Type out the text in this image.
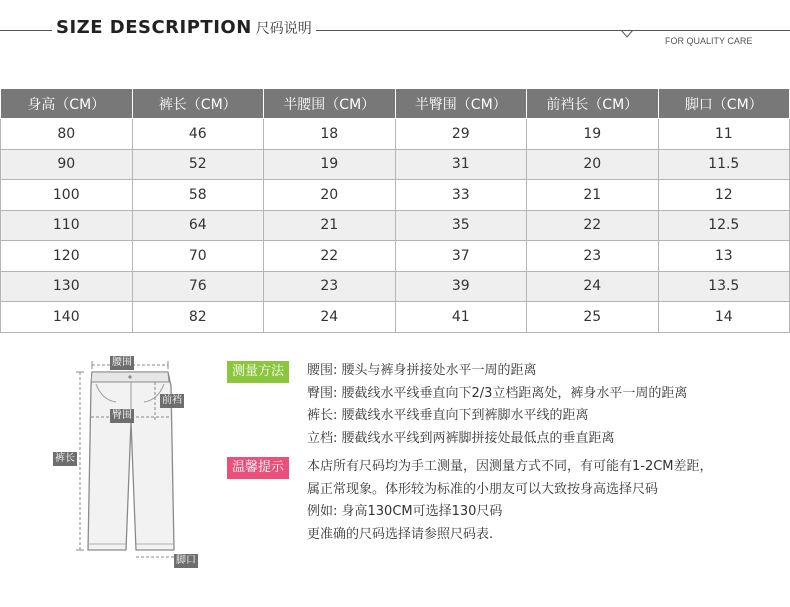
SIZE DESCRIPTION 尺码说明
FOR QUALITY CARE
身高（CM）	裤长（CM）	半腰围（CM）	半臀围（CM）	前裆长（CM）	脚口（CM）
80	46	18	29	19	11
90	52	19	31	20	11.5
100	58	20	33	21	12
110	64	21	35	22	12.5
120	70	22	37	23	13
130	76	23	39	24	13.5
140	82	24	41	25	14
腰围
臀围
前裆
裤长
脚口
测量方法	腰围: 腰头与裤身拼接处水平一周的距离
臀围: 腰截线水平线垂直向下2/3立档距离处，裤身水平一周的距离
裤长: 腰截线水平线垂直向下到裤脚水平线的距离
立档: 腰截线水平线到两裤脚拼接处最低点的垂直距离
温馨提示	本店所有尺码均为手工测量，因测量方式不同，有可能有1-2CM差距，
属正常现象。体形较为标准的小朋友可以大致按身高选择尺码
例如: 身高130CM可选择130尺码
更准确的尺码选择请参照尺码表.
